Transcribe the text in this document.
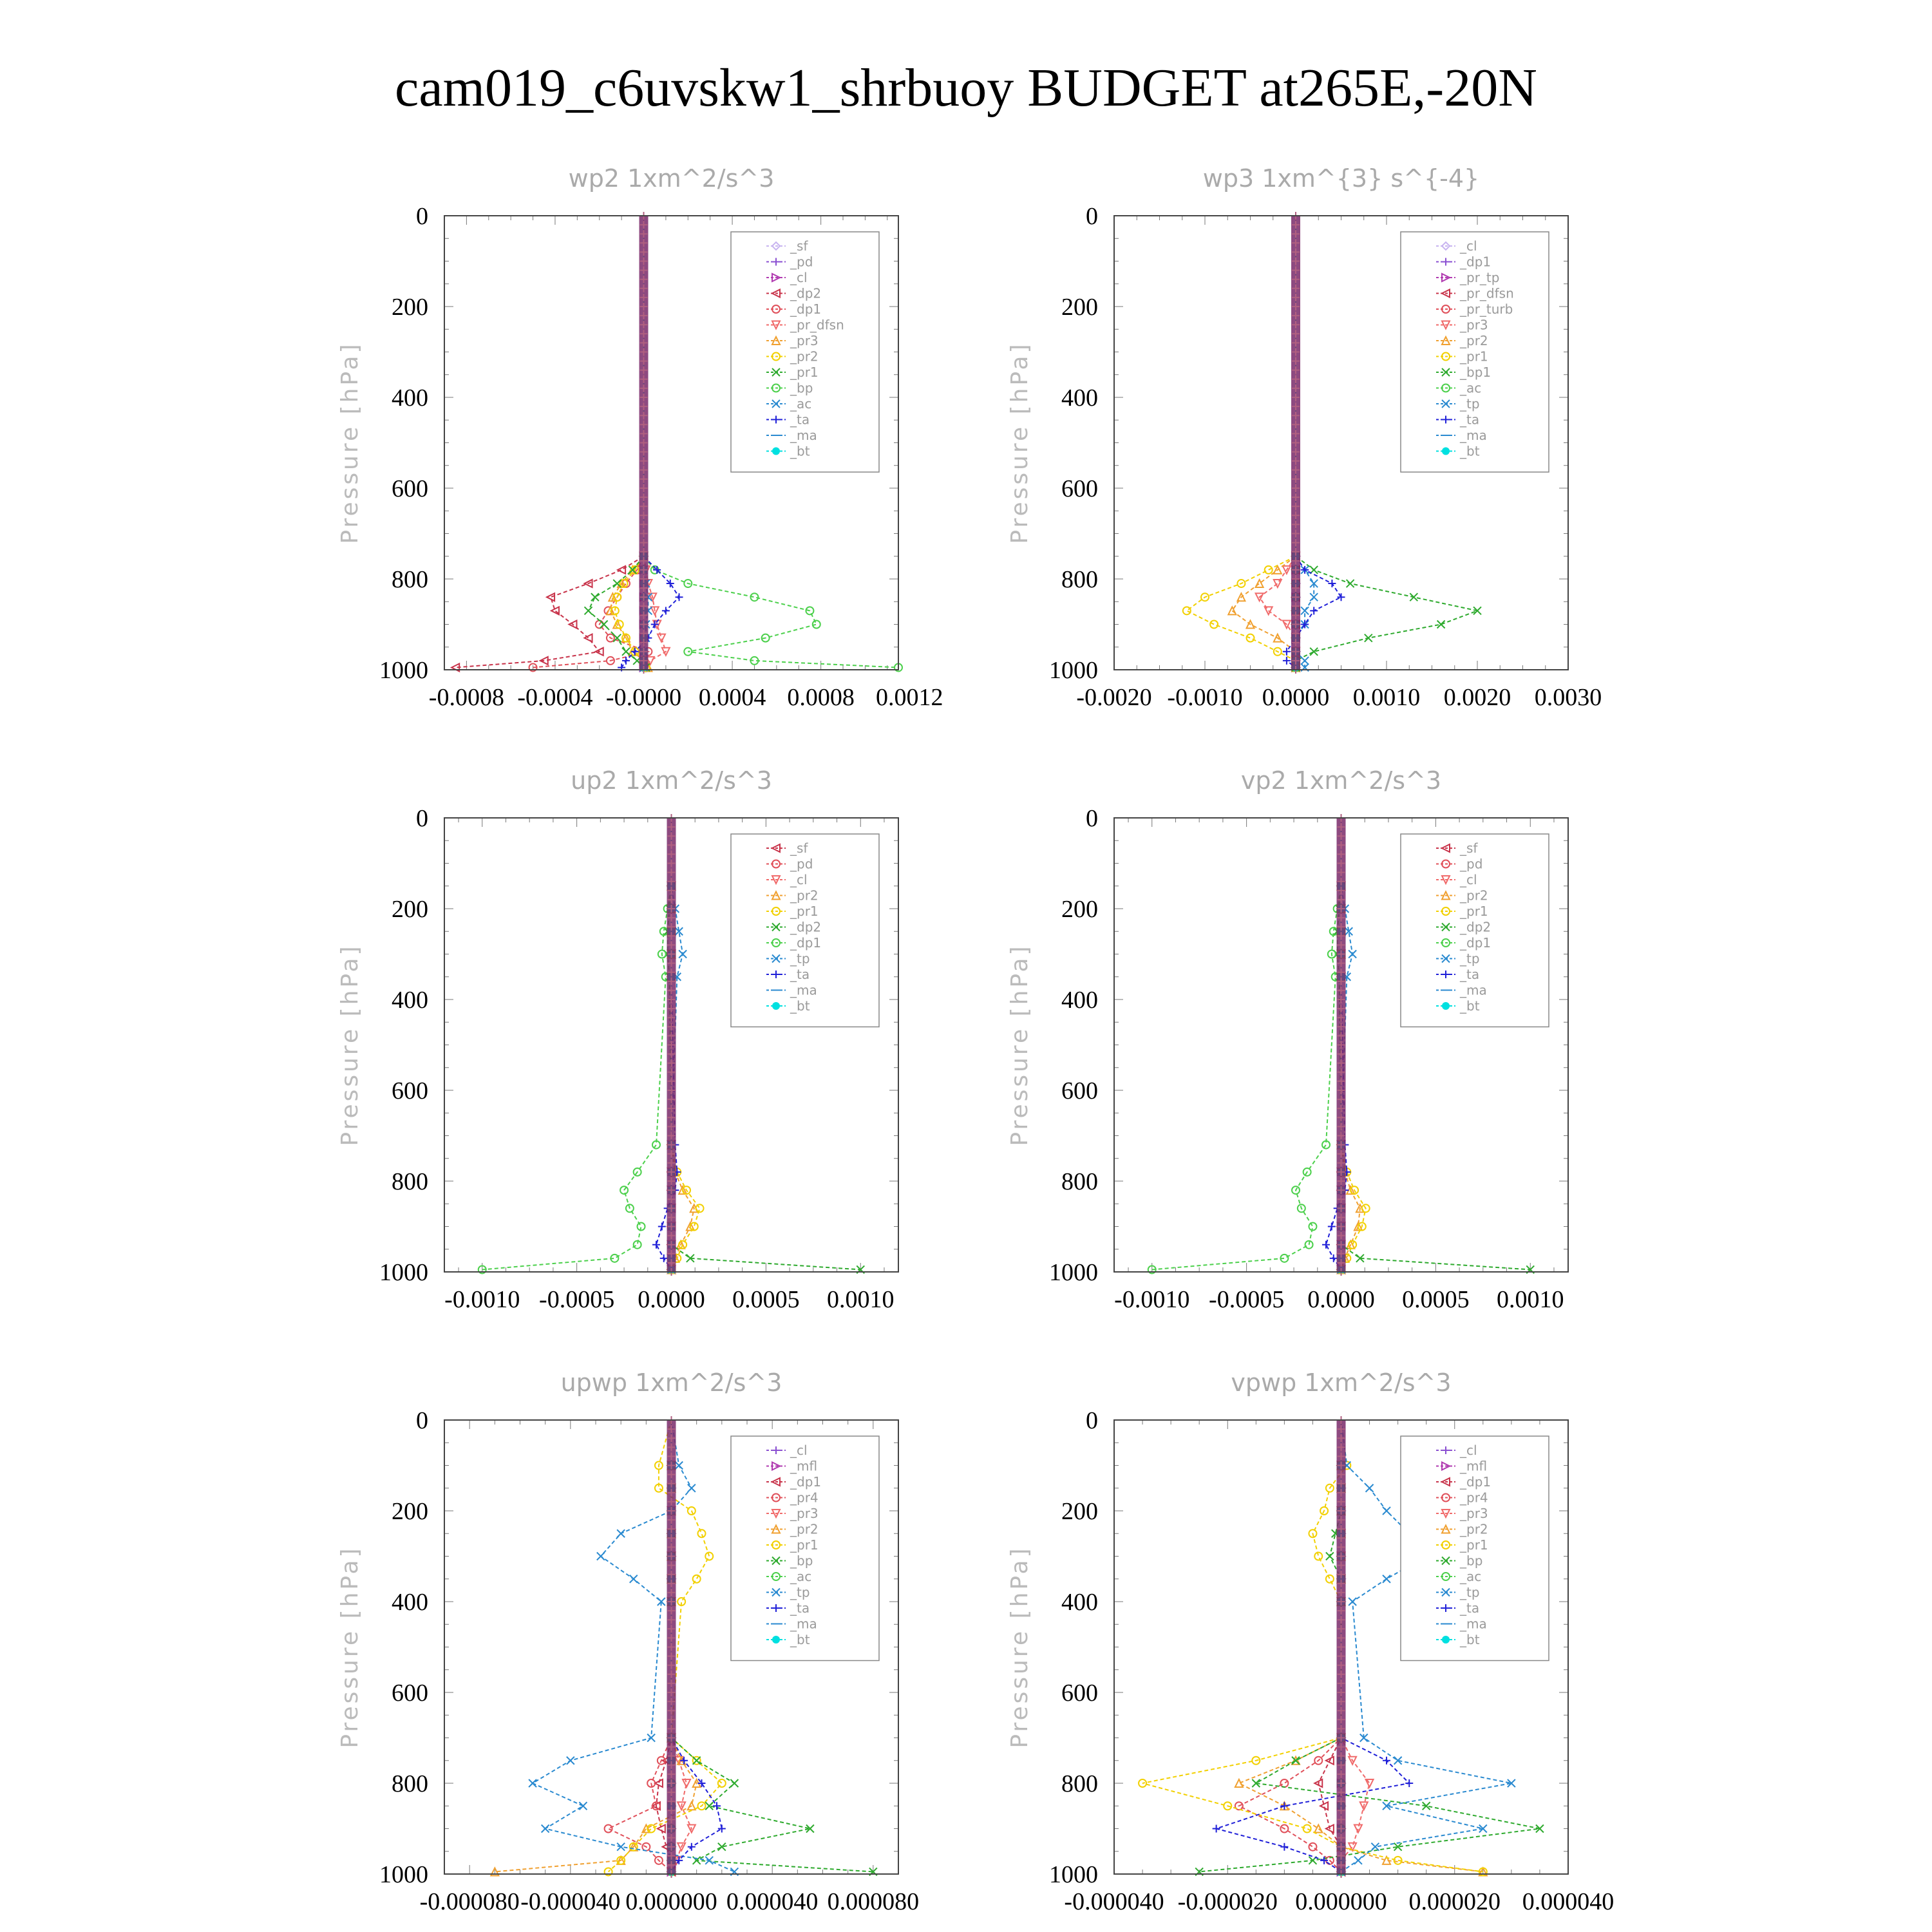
cam019_c6uvskw1_shrbuoy BUDGET at265E,-20N
wp2 1xm^2/s^3
Pressure [hPa]
0
200
400
600
800
1000
-0.0008 -0.0004 -0.0000 0.0004 0.0008 0.0012
_sf
_pd
_cl
_dp2
_dp1
_pr_dfsn
_pr3
_pr2
_pr1
_bp
_ac
_ta
_ma
_bt
wp3 1xm^{3} s^{-4}
Pressure [hPa]
0
200
400
600
800
1000
-0.0020 -0.0010 0.0000 0.0010 0.0020 0.0030
_cl
_dp1
_pr_tp
_pr_dfsn
_pr_turb
_pr3
_pr2
_pr1
_bp1
_ac
_tp
_ta
_ma
_bt
up2 1xm^2/s^3
Pressure [hPa]
0
200
400
600
800
1000
-0.0010 -0.0005 0.0000 0.0005 0.0010
_sf
_pd
_cl
_pr2
_pr1
_dp2
_dp1
_tp
_ta
_ma
_bt
vp2 1xm^2/s^3
Pressure [hPa]
0
200
400
600
800
1000
-0.0010 -0.0005 0.0000 0.0005 0.0010
_sf
_pd
_cl
_pr2
_pr1
_dp2
_dp1
_tp
_ta
_ma
_bt
upwp 1xm^2/s^3
Pressure [hPa]
0
200
400
600
800
1000
-0.000080 -0.000040 0.000000 0.000040 0.000080
_cl
_mfl
_dp1
_pr4
_pr3
_pr2
_pr1
_bp
_ac
_tp
_ta
_ma
_bt
vpwp 1xm^2/s^3
Pressure [hPa]
0
200
400
600
800
1000
-0.000040 -0.000020 0.000000 0.000020 0.000040
_cl
_mfl
_dp1
_pr4
_pr3
_pr2
_pr1
_bp
_ac
_tp
_ta
_ma
_bt
